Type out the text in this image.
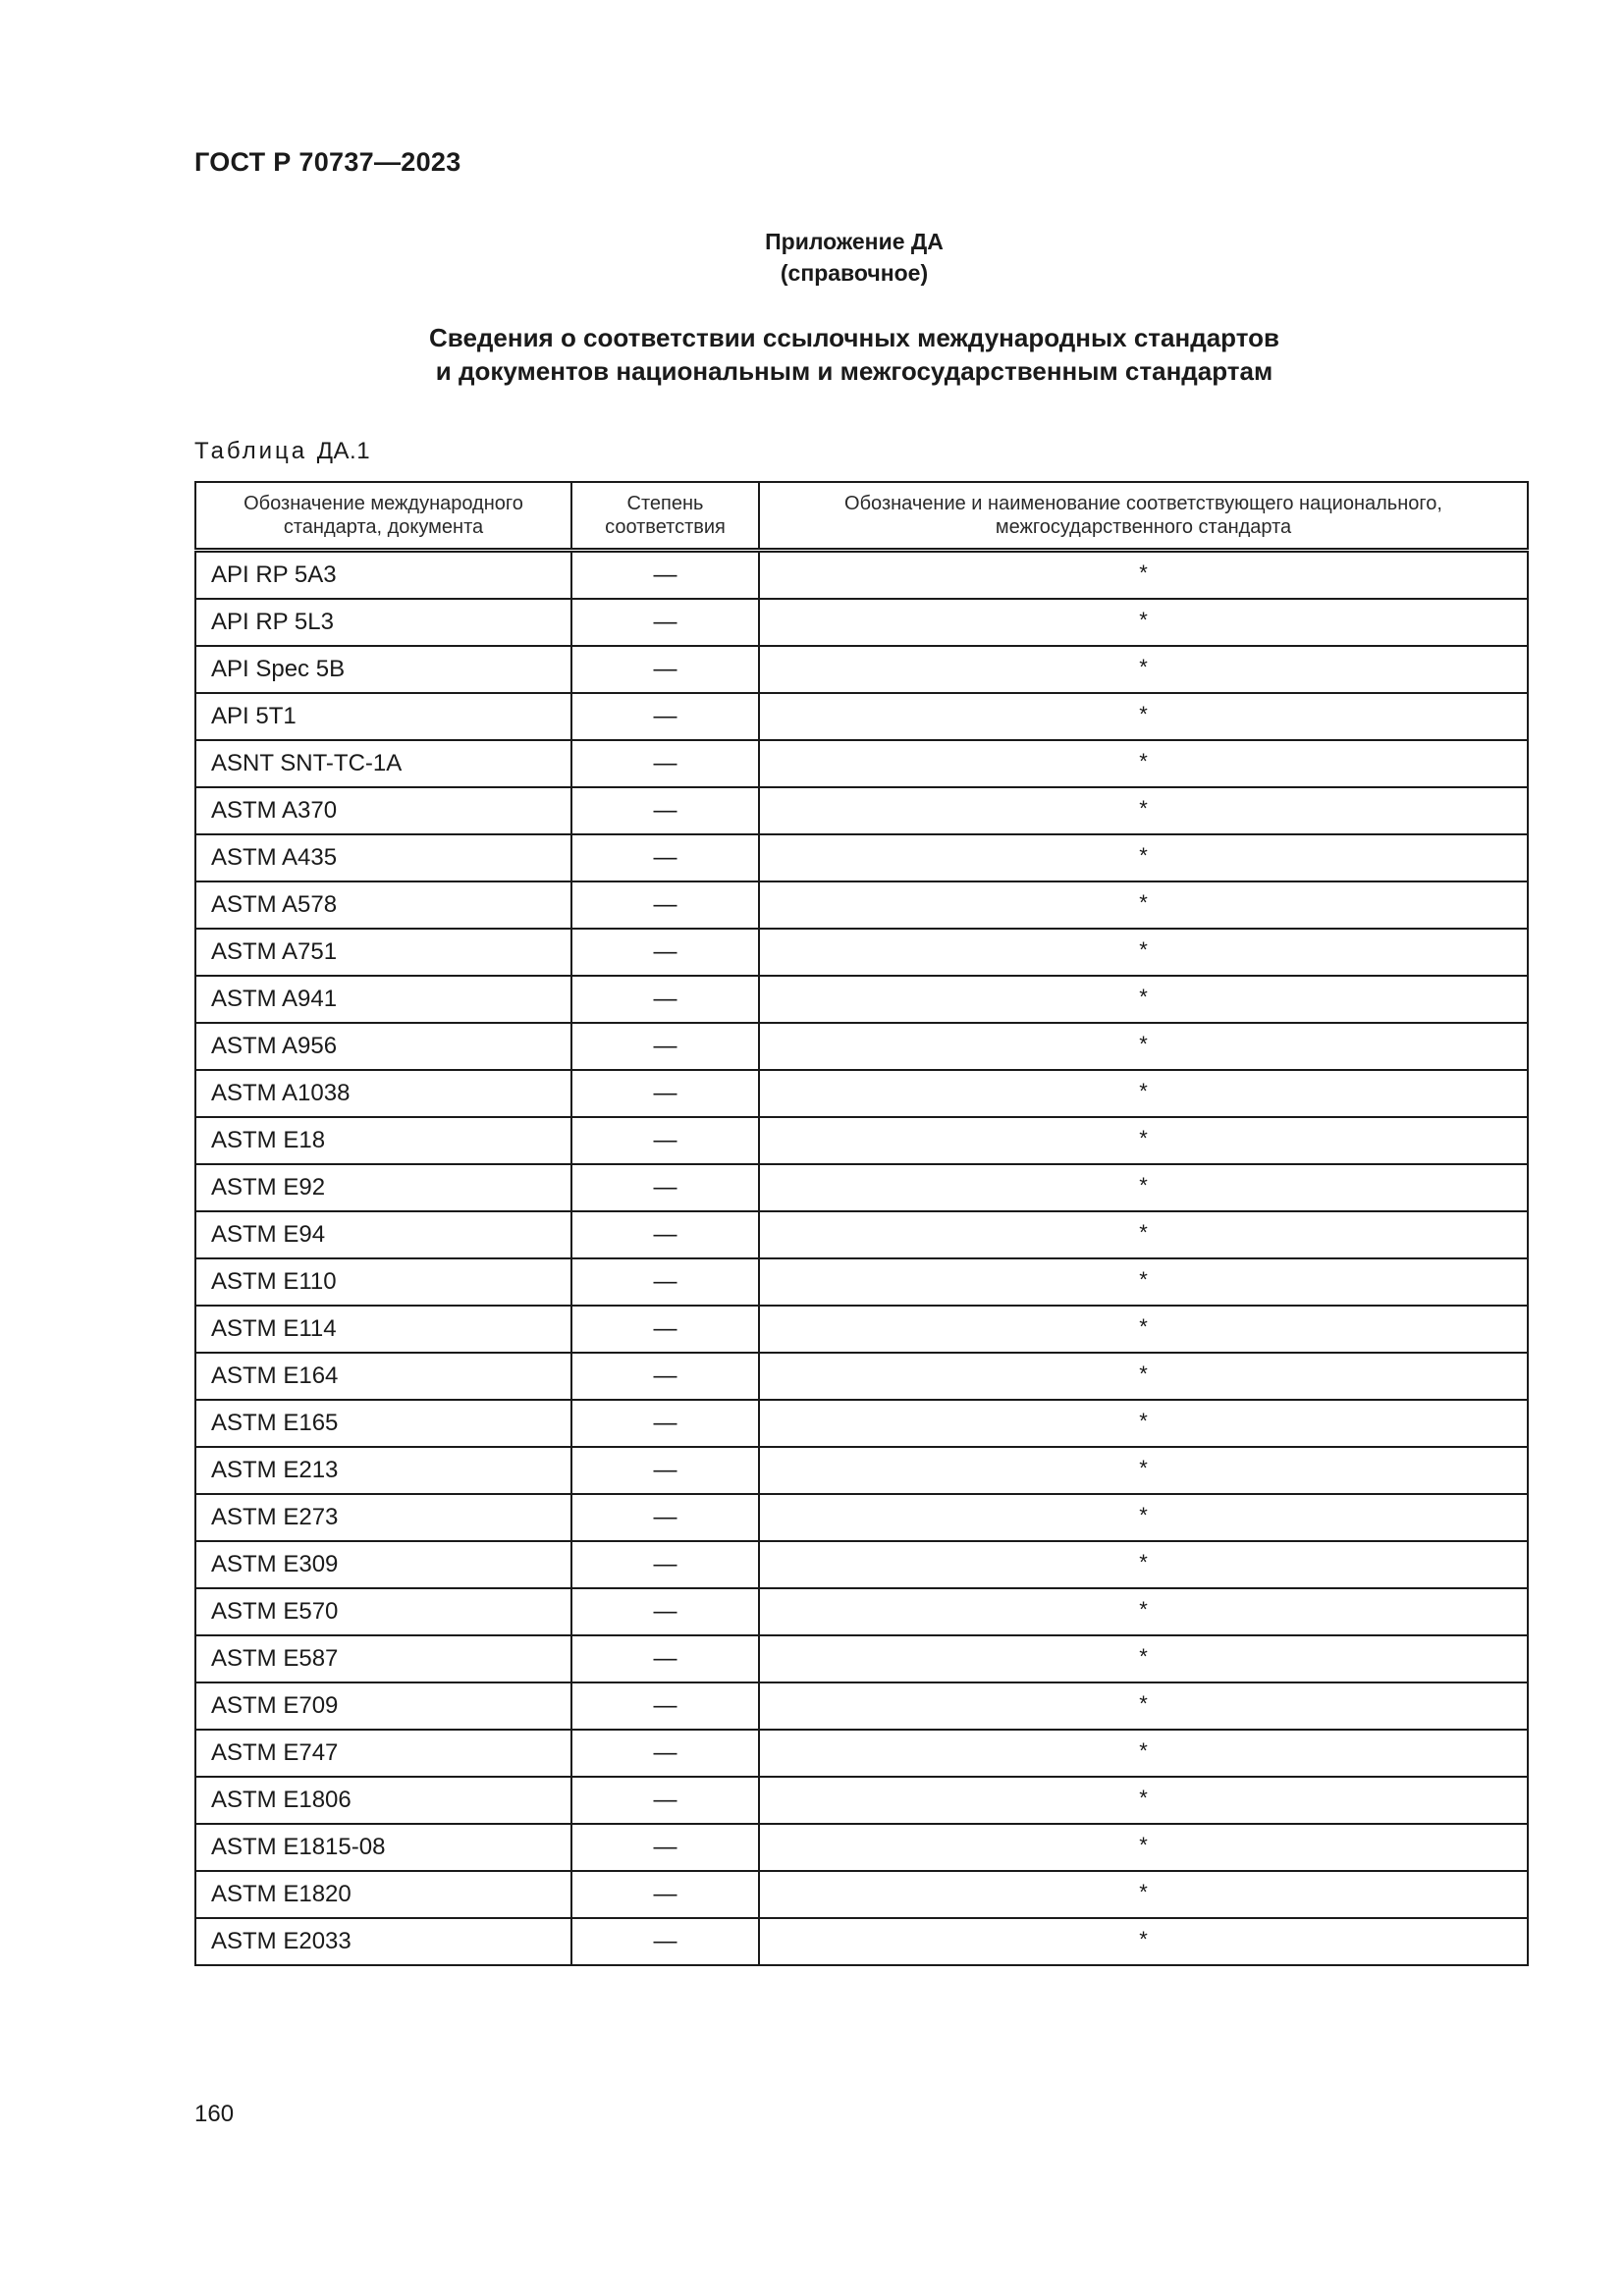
ГОСТ Р 70737—2023
Приложение ДА
(справочное)
Сведения о соответствии ссылочных международных стандартов
и документов национальным и межгосударственным стандартам
Таблица ДА.1
Обозначение международного стандарта, документа	Степень соответствия	Обозначение и наименование соответствующего национального, межгосударственного стандарта
API RP 5A3	—	*
API RP 5L3	—	*
API Spec 5B	—	*
API 5T1	—	*
ASNT SNT-TC-1A	—	*
ASTM A370	—	*
ASTM A435	—	*
ASTM A578	—	*
ASTM A751	—	*
ASTM A941	—	*
ASTM A956	—	*
ASTM A1038	—	*
ASTM E18	—	*
ASTM E92	—	*
ASTM E94	—	*
ASTM E110	—	*
ASTM E114	—	*
ASTM E164	—	*
ASTM E165	—	*
ASTM E213	—	*
ASTM E273	—	*
ASTM E309	—	*
ASTM E570	—	*
ASTM E587	—	*
ASTM E709	—	*
ASTM E747	—	*
ASTM E1806	—	*
ASTM E1815-08	—	*
ASTM E1820	—	*
ASTM E2033	—	*
160
